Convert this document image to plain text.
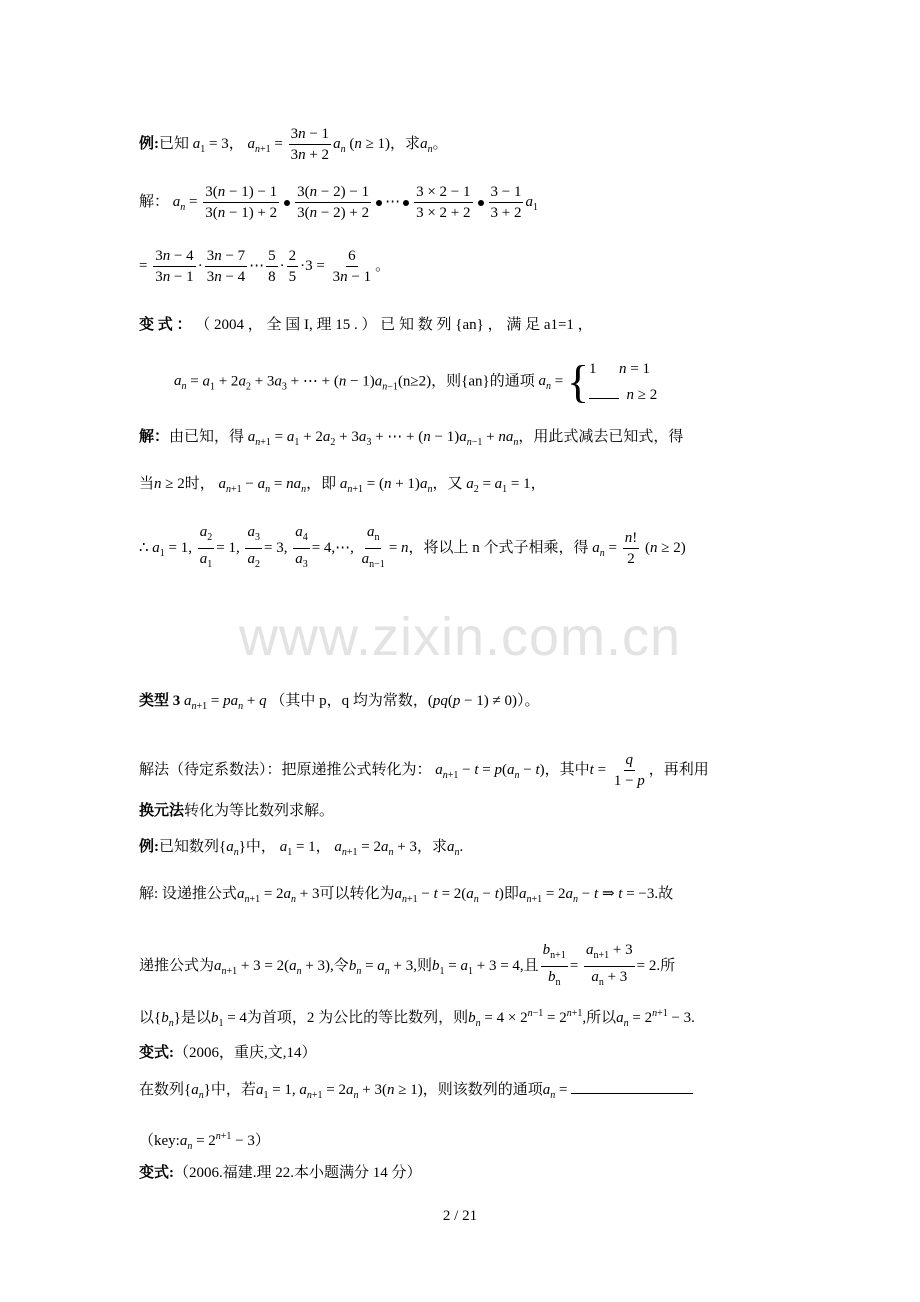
例:已知 $a_1 = 3$， $a_{n+1} = \frac{3n - 1}{3n + 2} a_n$ (n ≥ 1)，求$a_n$。
解： $a_n = \frac{3(n - 1) - 1}{3(n - 1) + 2} \frac{3(n - 2) - 1}{3(n - 2) + 2}$ ⋯ $\frac{3 \times 2 - 1}{3 \times 2 + 2} \frac{3 - 1}{3 + 2} a_1$
= $\frac{3n - 4}{3n - 1} \cdot \frac{3n - 7}{3n - 4}$ ⋯ $\frac{5}{8} \cdot \frac{2}{5} \cdot 3 = \frac{6}{3n - 1}$ 。
变 式 ： （ 2004 ， 全 国 I, 理 15 . ） 已 知 数 列 {an} ， 满 足 a1=1 ，
$a_n = a_1 + 2a_2 + 3a_3$ + ⋯ + $(n - 1)a_{n-1}(n\ge 2)$，则{an}的通项 $a_n$ = { 1      n = 1
n ≥ 2
解：由已知，得 $a_{n+1} = a_1 + 2a_2 + 3a_3$ + ⋯ + $(n - 1)a_{n-1} + na_n$，用此式减去已知式，得
当n ≥ 2时， $a_{n+1} - a_n = na_n$，即 $a_{n+1} = (n + 1)a_n$，又 $a_2 = a_1 = 1$，
∴ $a_1 = 1$, $\frac{a_2}{a_1} = 1$, $\frac{a_3}{a_2} = 3$, $\frac{a_4}{a_3}$ = 4,⋯, $\frac{a_n}{a_{n-1}} = n$，将以上 n 个式子相乘，得 $a_n = \frac{n!}{2} (n \ge 2)$
www.zixin.com.cn
类型 3 $a_{n+1} = pa_n + q$ （其中 p，q 均为常数，(pq(p − 1) ≠ 0)）。
解法（待定系数法）：把原递推公式转化为： $a_{n+1} - t = p(a_n - t)$，其中$t = \frac{q}{1 - p}$ ，再利用
换元法转化为等比数列求解。
例:已知数列$\{a_n\}$中， $a_1 = 1$， $a_{n+1} = 2a_n + 3$，求$a_n$.
解: 设递推公式$a_{n+1} = 2a_n + 3$可以转化为$a_{n+1} - t = 2(a_n - t)$即$a_{n+1} = 2a_n - t$ ⇒ t = −3.故
递推公式为$a_{n+1} + 3 = 2(a_n + 3)$,令$b_n = a_n + 3$,则$b_1 = a_1 + 3 = 4$,且 $\frac{b_{n+1}}{b_n} = \frac{a_{n+1} + 3}{a_n + 3} = 2$.所
以$\{b_n\}$是以$b_1 = 4$为首项，2 为公比的等比数列，则$b_n = 4 \times 2^{n-1} = 2^{n+1}$,所以$a_n = 2^{n+1} - 3$.
变式:（2006，重庆,文,14）
在数列$\{a_n\}$中，若$a_1 = 1$, $a_{n+1} = 2a_n + 3(n \ge 1)$，则该数列的通项$a_n$ =
$(key:a_n = 2^{n+1} - 3)$
变式:（2006.福建.理 22.本小题满分 14 分）
2 / 21
